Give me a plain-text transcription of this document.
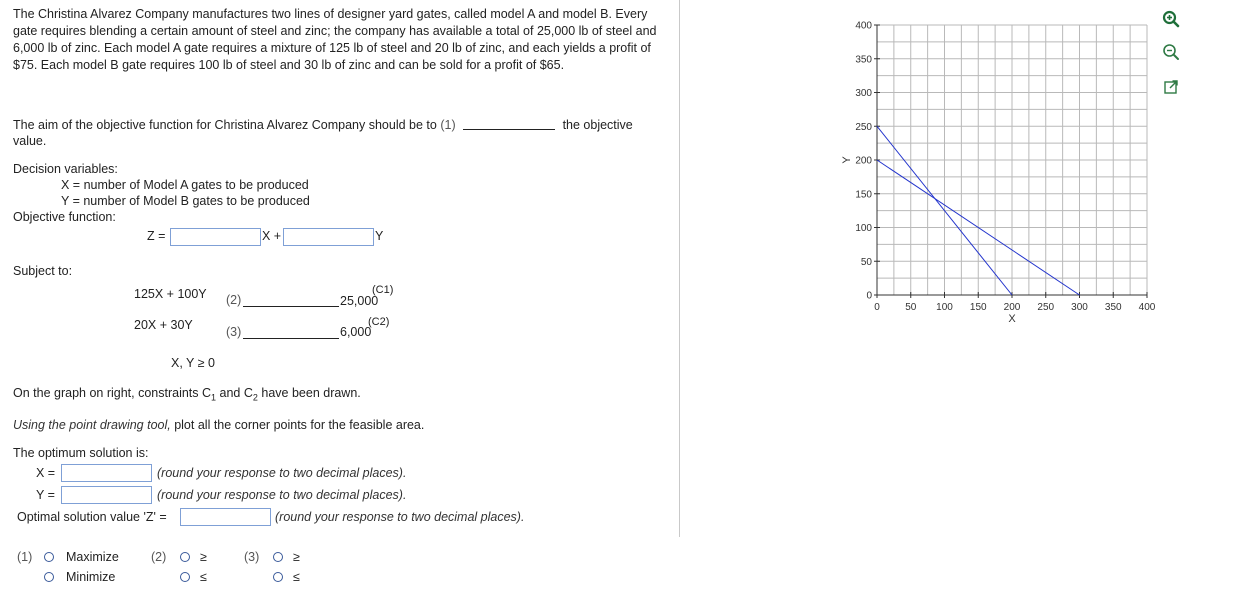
The Christina Alvarez Company manufactures two lines of designer yard gates, called model A and model B. Every gate requires blending a certain amount of steel and zinc; the company has available a total of 25,000 lb of steel and 6,000 lb of zinc. Each model A gate requires a mixture of 125 lb of steel and 20 lb of zinc, and each yields a profit of $75. Each model B gate requires 100 lb of steel and 30 lb of zinc and can be sold for a profit of $65.
The aim of the objective function for Christina Alvarez Company should be to (1)	the objective
value.
Decision variables:
X = number of Model A gates to be produced
Y = number of Model B gates to be produced
Objective function:
Z =	X +	Y
Subject to:
125X + 100Y (2)	25,000
(C1)
20X + 30Y	(3)	6,000
(C2)
X, Y ≥ 0
On the graph on right, constraints $C_1$ and $C_2$ have been drawn.
Using the point drawing tool, plot all the corner points for the feasible area.
The optimum solution is:
X =	(round your response to two decimal places).
Y =	(round your response to two decimal places).
Optimal solution value 'Z' =	(round your response to two decimal places).
(1)	Maximize
Minimize
(2)	≥
≤
(3)	≥
≤
0	50 100 150 200 250 300 350 400
0
50
100
150
200
250
300
350
400
X
Y
